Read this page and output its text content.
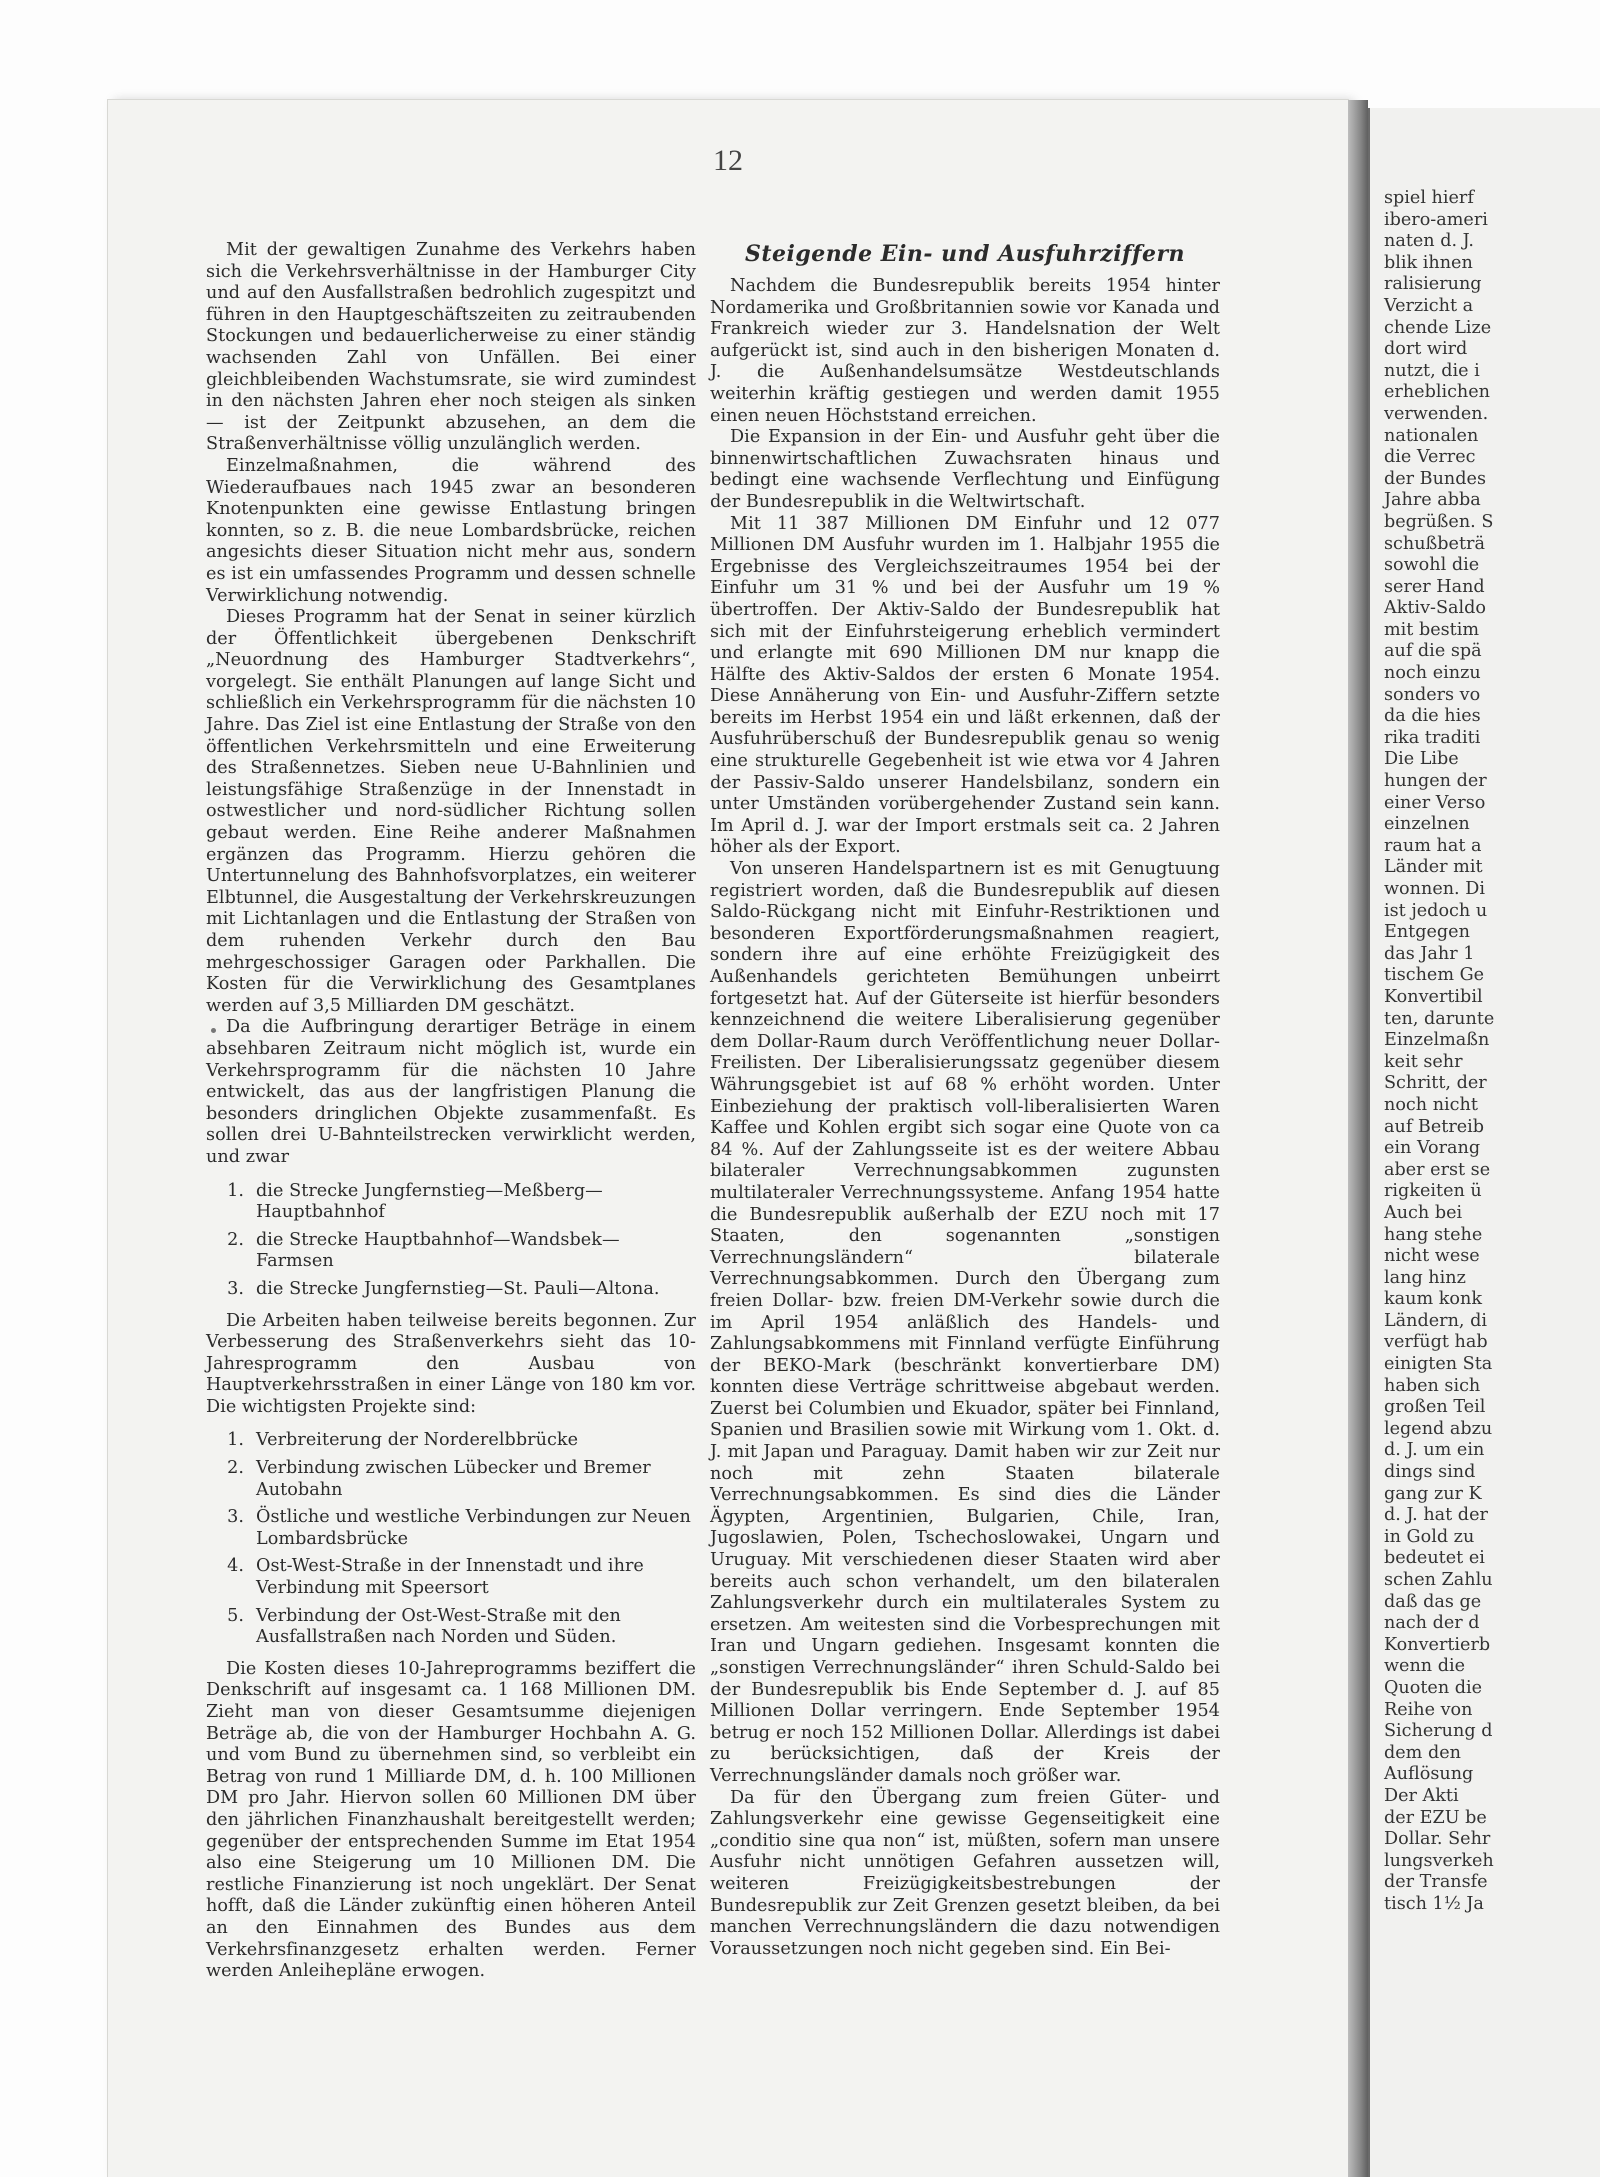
12

Mit der gewaltigen Zunahme des Verkehrs haben sich die Verkehrsverhältnisse in der Hamburger City und auf den Ausfallstraßen bedrohlich zugespitzt und führen in den Hauptgeschäftszeiten zu zeitraubenden Stockungen und bedauerlicherweise zu einer ständig wachsenden Zahl von Unfällen. Bei einer gleichbleibenden Wachstumsrate, sie wird zumindest in den nächsten Jahren eher noch steigen als sinken — ist der Zeitpunkt abzusehen, an dem die Straßenverhältnisse völlig unzulänglich werden.

Einzelmaßnahmen, die während des Wiederaufbaues nach 1945 zwar an besonderen Knotenpunkten eine gewisse Entlastung bringen konnten, so z. B. die neue Lombardsbrücke, reichen angesichts dieser Situation nicht mehr aus, sondern es ist ein umfassendes Programm und dessen schnelle Verwirklichung notwendig.

Dieses Programm hat der Senat in seiner kürzlich der Öffentlichkeit übergebenen Denkschrift „Neuordnung des Hamburger Stadtverkehrs“, vorgelegt. Sie enthält Planungen auf lange Sicht und schließlich ein Verkehrsprogramm für die nächsten 10 Jahre. Das Ziel ist eine Entlastung der Straße von den öffentlichen Verkehrsmitteln und eine Erweiterung des Straßennetzes. Sieben neue U-Bahnlinien und leistungsfähige Straßenzüge in der Innenstadt in ostwestlicher und nord-südlicher Richtung sollen gebaut werden. Eine Reihe anderer Maßnahmen ergänzen das Programm. Hierzu gehören die Untertunnelung des Bahnhofsvorplatzes, ein weiterer Elbtunnel, die Ausgestaltung der Verkehrskreuzungen mit Lichtanlagen und die Entlastung der Straßen von dem ruhenden Verkehr durch den Bau mehrgeschossiger Garagen oder Parkhallen. Die Kosten für die Verwirklichung des Gesamtplanes werden auf 3,5 Milliarden DM geschätzt.

Da die Aufbringung derartiger Beträge in einem absehbaren Zeitraum nicht möglich ist, wurde ein Verkehrsprogramm für die nächsten 10 Jahre entwickelt, das aus der langfristigen Planung die besonders dringlichen Objekte zusammenfaßt. Es sollen drei U-Bahnteilstrecken verwirklicht werden, und zwar

1. die Strecke Jungfernstieg—Meßberg—Hauptbahnhof
2. die Strecke Hauptbahnhof—Wandsbek—Farmsen
3. die Strecke Jungfernstieg—St. Pauli—Altona.

Die Arbeiten haben teilweise bereits begonnen. Zur Verbesserung des Straßenverkehrs sieht das 10-Jahresprogramm den Ausbau von Hauptverkehrsstraßen in einer Länge von 180 km vor. Die wichtigsten Projekte sind:

1. Verbreiterung der Norderelbbrücke
2. Verbindung zwischen Lübecker und Bremer Autobahn
3. Östliche und westliche Verbindungen zur Neuen Lombardsbrücke
4. Ost-West-Straße in der Innenstadt und ihre Verbindung mit Speersort
5. Verbindung der Ost-West-Straße mit den Ausfallstraßen nach Norden und Süden.

Die Kosten dieses 10-Jahreprogramms beziffert die Denkschrift auf insgesamt ca. 1 168 Millionen DM. Zieht man von dieser Gesamtsumme diejenigen Beträge ab, die von der Hamburger Hochbahn A. G. und vom Bund zu übernehmen sind, so verbleibt ein Betrag von rund 1 Milliarde DM, d. h. 100 Millionen DM pro Jahr. Hiervon sollen 60 Millionen DM über den jährlichen Finanzhaushalt bereitgestellt werden; gegenüber der entsprechenden Summe im Etat 1954 also eine Steigerung um 10 Millionen DM. Die restliche Finanzierung ist noch ungeklärt. Der Senat hofft, daß die Länder zukünftig einen höheren Anteil an den Einnahmen des Bundes aus dem Verkehrsfinanzgesetz erhalten werden. Ferner werden Anleihepläne erwogen.

Steigende Ein- und Ausfuhrziffern

Nachdem die Bundesrepublik bereits 1954 hinter Nordamerika und Großbritannien sowie vor Kanada und Frankreich wieder zur 3. Handelsnation der Welt aufgerückt ist, sind auch in den bisherigen Monaten d. J. die Außenhandelsumsätze Westdeutschlands weiterhin kräftig gestiegen und werden damit 1955 einen neuen Höchststand erreichen.

Die Expansion in der Ein- und Ausfuhr geht über die binnenwirtschaftlichen Zuwachsraten hinaus und bedingt eine wachsende Verflechtung und Einfügung der Bundesrepublik in die Weltwirtschaft.

Mit 11 387 Millionen DM Einfuhr und 12 077 Millionen DM Ausfuhr wurden im 1. Halbjahr 1955 die Ergebnisse des Vergleichszeitraumes 1954 bei der Einfuhr um 31 % und bei der Ausfuhr um 19 % übertroffen. Der Aktiv-Saldo der Bundesrepublik hat sich mit der Einfuhrsteigerung erheblich vermindert und erlangte mit 690 Millionen DM nur knapp die Hälfte des Aktiv-Saldos der ersten 6 Monate 1954. Diese Annäherung von Ein- und Ausfuhr-Ziffern setzte bereits im Herbst 1954 ein und läßt erkennen, daß der Ausfuhrüberschuß der Bundesrepublik genau so wenig eine strukturelle Gegebenheit ist wie etwa vor 4 Jahren der Passiv-Saldo unserer Handelsbilanz, sondern ein unter Umständen vorübergehender Zustand sein kann. Im April d. J. war der Import erstmals seit ca. 2 Jahren höher als der Export.

Von unseren Handelspartnern ist es mit Genugtuung registriert worden, daß die Bundesrepublik auf diesen Saldo-Rückgang nicht mit Einfuhr-Restriktionen und besonderen Exportförderungsmaßnahmen reagiert, sondern ihre auf eine erhöhte Freizügigkeit des Außenhandels gerichteten Bemühungen unbeirrt fortgesetzt hat. Auf der Güterseite ist hierfür besonders kennzeichnend die weitere Liberalisierung gegenüber dem Dollar-Raum durch Veröffentlichung neuer Dollar-Freilisten. Der Liberalisierungssatz gegenüber diesem Währungsgebiet ist auf 68 % erhöht worden. Unter Einbeziehung der praktisch voll-liberalisierten Waren Kaffee und Kohlen ergibt sich sogar eine Quote von ca 84 %. Auf der Zahlungsseite ist es der weitere Abbau bilateraler Verrechnungsabkommen zugunsten multilateraler Verrechnungssysteme. Anfang 1954 hatte die Bundesrepublik außerhalb der EZU noch mit 17 Staaten, den sogenannten „sonstigen Verrechnungsländern“ bilaterale Verrechnungsabkommen. Durch den Übergang zum freien Dollar- bzw. freien DM-Verkehr sowie durch die im April 1954 anläßlich des Handels- und Zahlungsabkommens mit Finnland verfügte Einführung der BEKO-Mark (beschränkt konvertierbare DM) konnten diese Verträge schrittweise abgebaut werden. Zuerst bei Columbien und Ekuador, später bei Finnland, Spanien und Brasilien sowie mit Wirkung vom 1. Okt. d. J. mit Japan und Paraguay. Damit haben wir zur Zeit nur noch mit zehn Staaten bilaterale Verrechnungsabkommen. Es sind dies die Länder Ägypten, Argentinien, Bulgarien, Chile, Iran, Jugoslawien, Polen, Tschechoslowakei, Ungarn und Uruguay. Mit verschiedenen dieser Staaten wird aber bereits auch schon verhandelt, um den bilateralen Zahlungsverkehr durch ein multilaterales System zu ersetzen. Am weitesten sind die Vorbesprechungen mit Iran und Ungarn gediehen. Insgesamt konnten die „sonstigen Verrechnungsländer“ ihren Schuld-Saldo bei der Bundesrepublik bis Ende September d. J. auf 85 Millionen Dollar verringern. Ende September 1954 betrug er noch 152 Millionen Dollar. Allerdings ist dabei zu berücksichtigen, daß der Kreis der Verrechnungsländer damals noch größer war.

Da für den Übergang zum freien Güter- und Zahlungsverkehr eine gewisse Gegenseitigkeit eine „conditio sine qua non“ ist, müßten, sofern man unsere Ausfuhr nicht unnötigen Gefahren aussetzen will, weiteren Freizügigkeitsbestrebungen der Bundesrepublik zur Zeit Grenzen gesetzt bleiben, da bei manchen Verrechnungsländern die dazu notwendigen Voraussetzungen noch nicht gegeben sind. Ein Bei-

spiel hierf
ibero-ameri
naten d. J.
blik ihnen
ralisierung
Verzicht a
chende Lize
dort wird
nutzt, die i
erheblichen
verwenden.
nationalen
die Verrec
der Bundes
Jahre abba
begrüßen. S
schußbeträ
sowohl die
serer Hand
Aktiv-Saldo
mit bestim
auf die spä
noch einzu
sonders vo
da die hies
rika traditi
Die Libe
hungen der
einer Verso
einzelnen
raum hat a
Länder mit
wonnen. Di
ist jedoch u
Entgegen
das Jahr 1
tischem Ge
Konvertibil
ten, darunte
Einzelmaßn
keit sehr
Schritt, der
noch nicht
auf Betreib
ein Vorang
aber erst se
rigkeiten ü
Auch bei
hang stehe
nicht wese
lang hinz
kaum konk
Ländern, di
verfügt hab
einigten Sta
haben sich
großen Teil
legend abzu
d. J. um ein
dings sind
gang zur K
d. J. hat der
in Gold zu
bedeutet ei
schen Zahlu
daß das ge
nach der d
Konvertierb
wenn die
Quoten die
Reihe von
Sicherung d
dem den
Auflösung
Der Akti
der EZU be
Dollar. Sehr
lungsverkeh
der Transfe
tisch 1½ Ja
